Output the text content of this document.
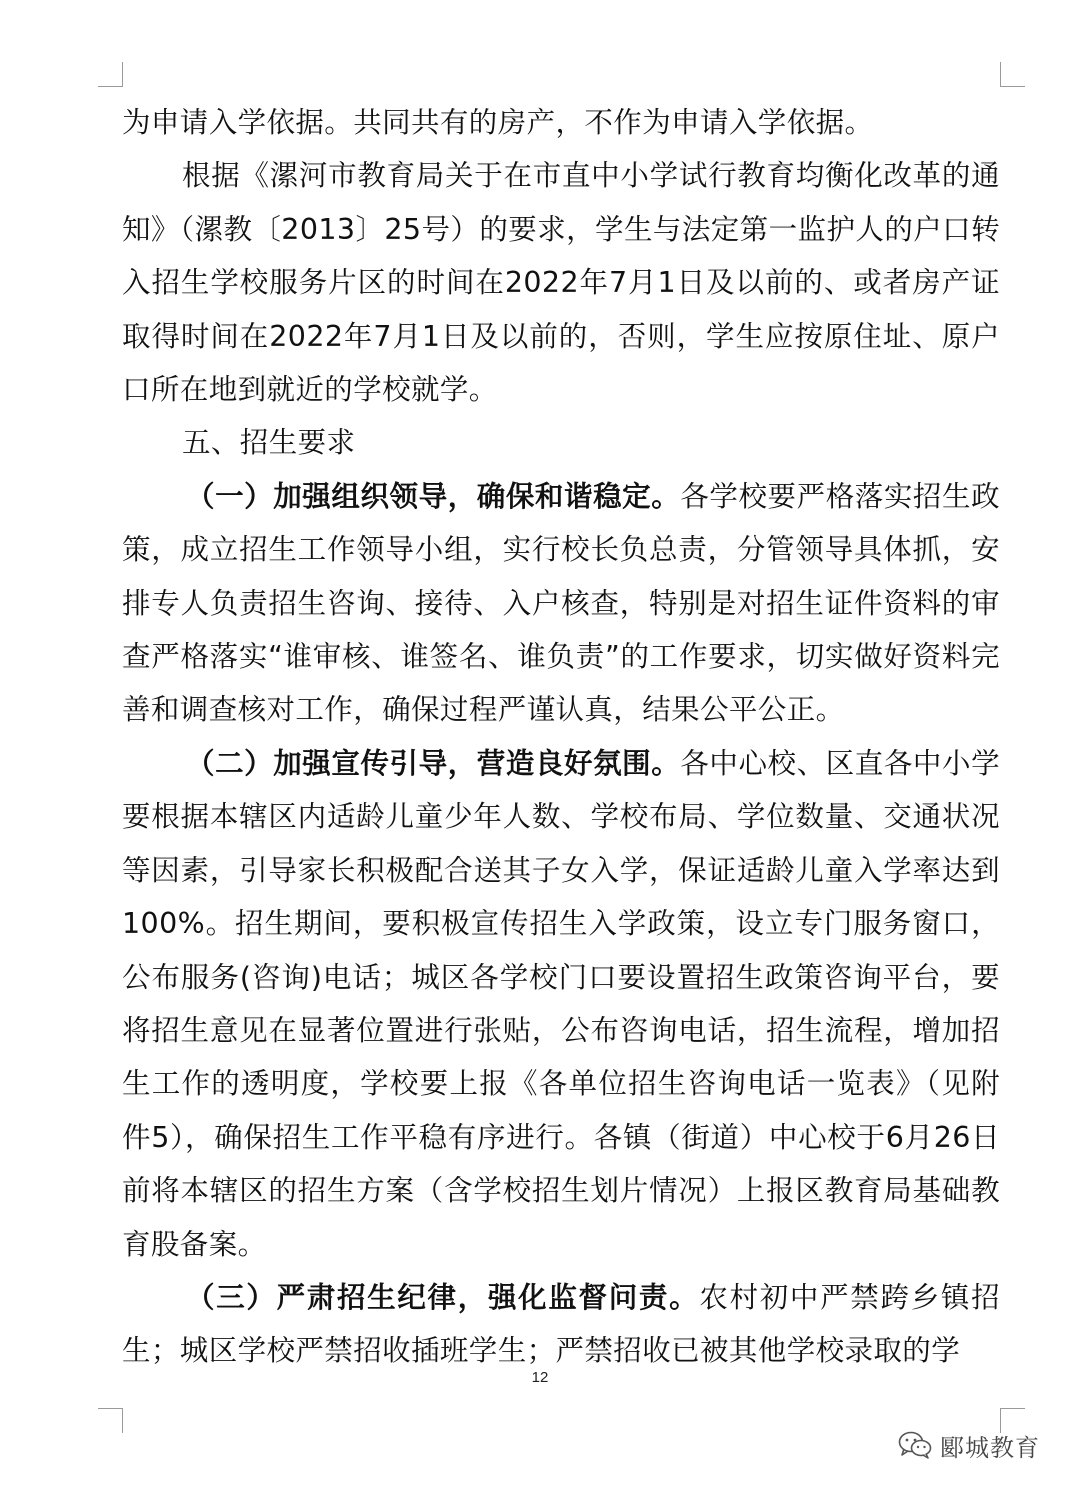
为申请入学依据。共同共有的房产，不作为申请入学依据。

根据《漯河市教育局关于在市直中小学试行教育均衡化改革的通知》（漯教〔2013〕25号）的要求，学生与法定第一监护人的户口转入招生学校服务片区的时间在2022年7月1日及以前的、或者房产证取得时间在2022年7月1日及以前的，否则，学生应按原住址、原户口所在地到就近的学校就学。

五、招生要求

（一）加强组织领导，确保和谐稳定。各学校要严格落实招生政策，成立招生工作领导小组，实行校长负总责，分管领导具体抓，安排专人负责招生咨询、接待、入户核查，特别是对招生证件资料的审查严格落实“谁审核、谁签名、谁负责”的工作要求，切实做好资料完善和调查核对工作，确保过程严谨认真，结果公平公正。

（二）加强宣传引导，营造良好氛围。各中心校、区直各中小学要根据本辖区内适龄儿童少年人数、学校布局、学位数量、交通状况等因素，引导家长积极配合送其子女入学，保证适龄儿童入学率达到100%。招生期间，要积极宣传招生入学政策，设立专门服务窗口，公布服务(咨询)电话；城区各学校门口要设置招生政策咨询平台，要将招生意见在显著位置进行张贴，公布咨询电话，招生流程，增加招生工作的透明度，学校要上报《各单位招生咨询电话一览表》（见附件5），确保招生工作平稳有序进行。各镇（街道）中心校于6月26日前将本辖区的招生方案（含学校招生划片情况）上报区教育局基础教育股备案。

（三）严肃招生纪律，强化监督问责。农村初中严禁跨乡镇招生；城区学校严禁招收插班学生；严禁招收已被其他学校录取的学

12
郾城教育
